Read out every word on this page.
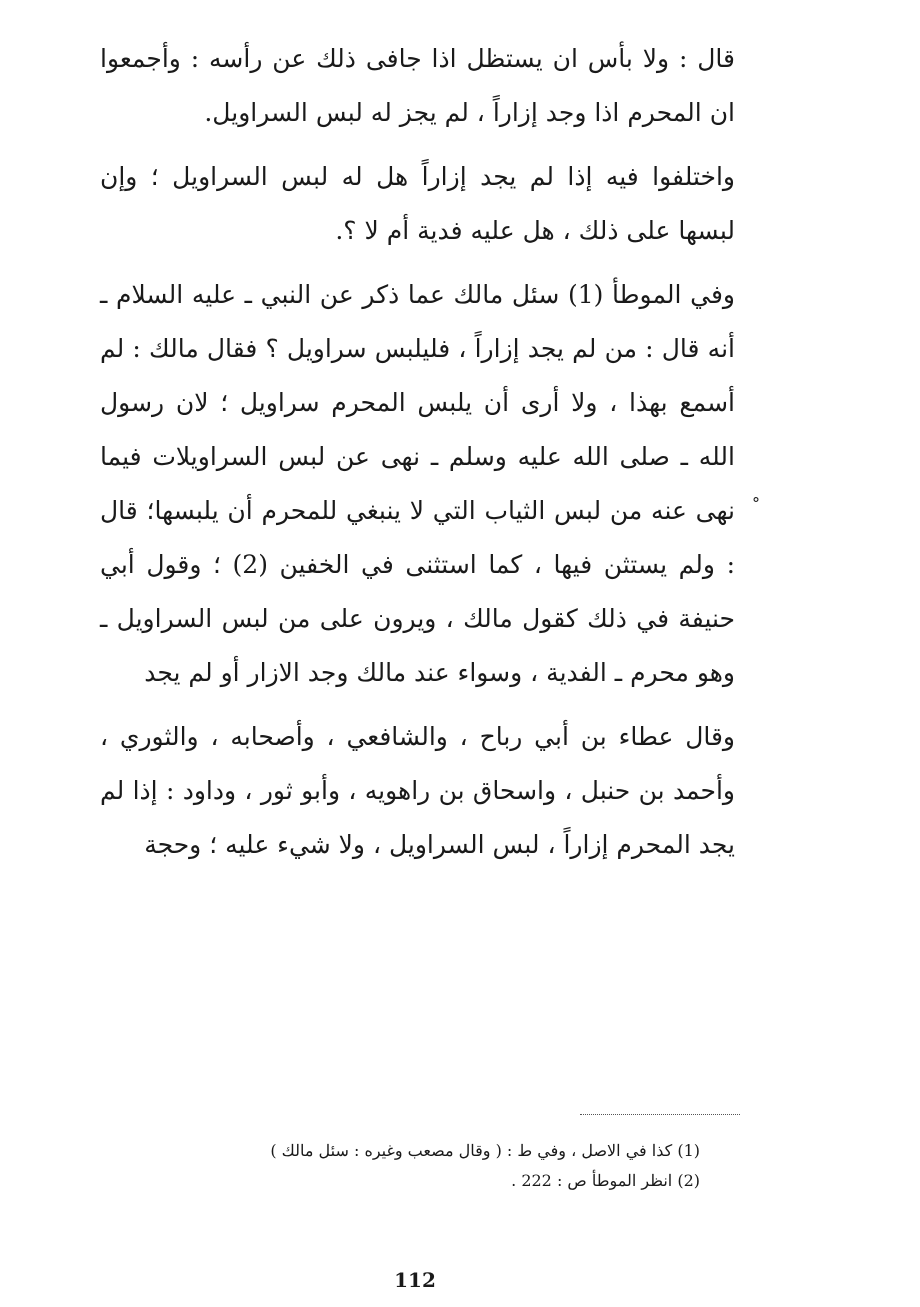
قال : ولا بأس ان يستظل اذا جافى ذلك عن رأسه : وأجمعوا ان المحرم اذا وجد إزاراً ، لم يجز له لبس السراويل.

واختلفوا فيه إذا لم يجد إزاراً هل له لبس السراويل ؛ وإن لبسها على ذلك ، هل عليه فدية أم لا ؟.

وفي الموطأ (1) سئل مالك عما ذكر عن النبي ـ عليه السلام ـ أنه قال : من لم يجد إزاراً ، فليلبس سراويل ؟ فقال مالك : لم أسمع بهذا ، ولا أرى أن يلبس المحرم سراويل ؛ لان رسول الله ـ صلى الله عليه وسلم ـ نهى عن لبس السراويلات فيما نهى عنه من لبس الثياب التي لا ينبغي للمحرم أن يلبسها؛ قال : ولم يستثن فيها ، كما استثنى في الخفين (2) ؛ وقول أبي حنيفة في ذلك كقول مالك ، ويرون على من لبس السراويل ـ وهو محرم ـ الفدية ، وسواء عند مالك وجد الازار أو لم يجد

وقال عطاء بن أبي رباح ، والشافعي ، وأصحابه ، والثوري ، وأحمد بن حنبل ، واسحاق بن راهويه ، وأبو ثور ، وداود : إذا لم يجد المحرم إزاراً ، لبس السراويل ، ولا شيء عليه ؛ وحجة

°

(1) كذا في الاصل ، وفي ط : ( وقال مصعب وغيره : سئل مالك )

(2) انظر الموطأ ص : 222 .

112
